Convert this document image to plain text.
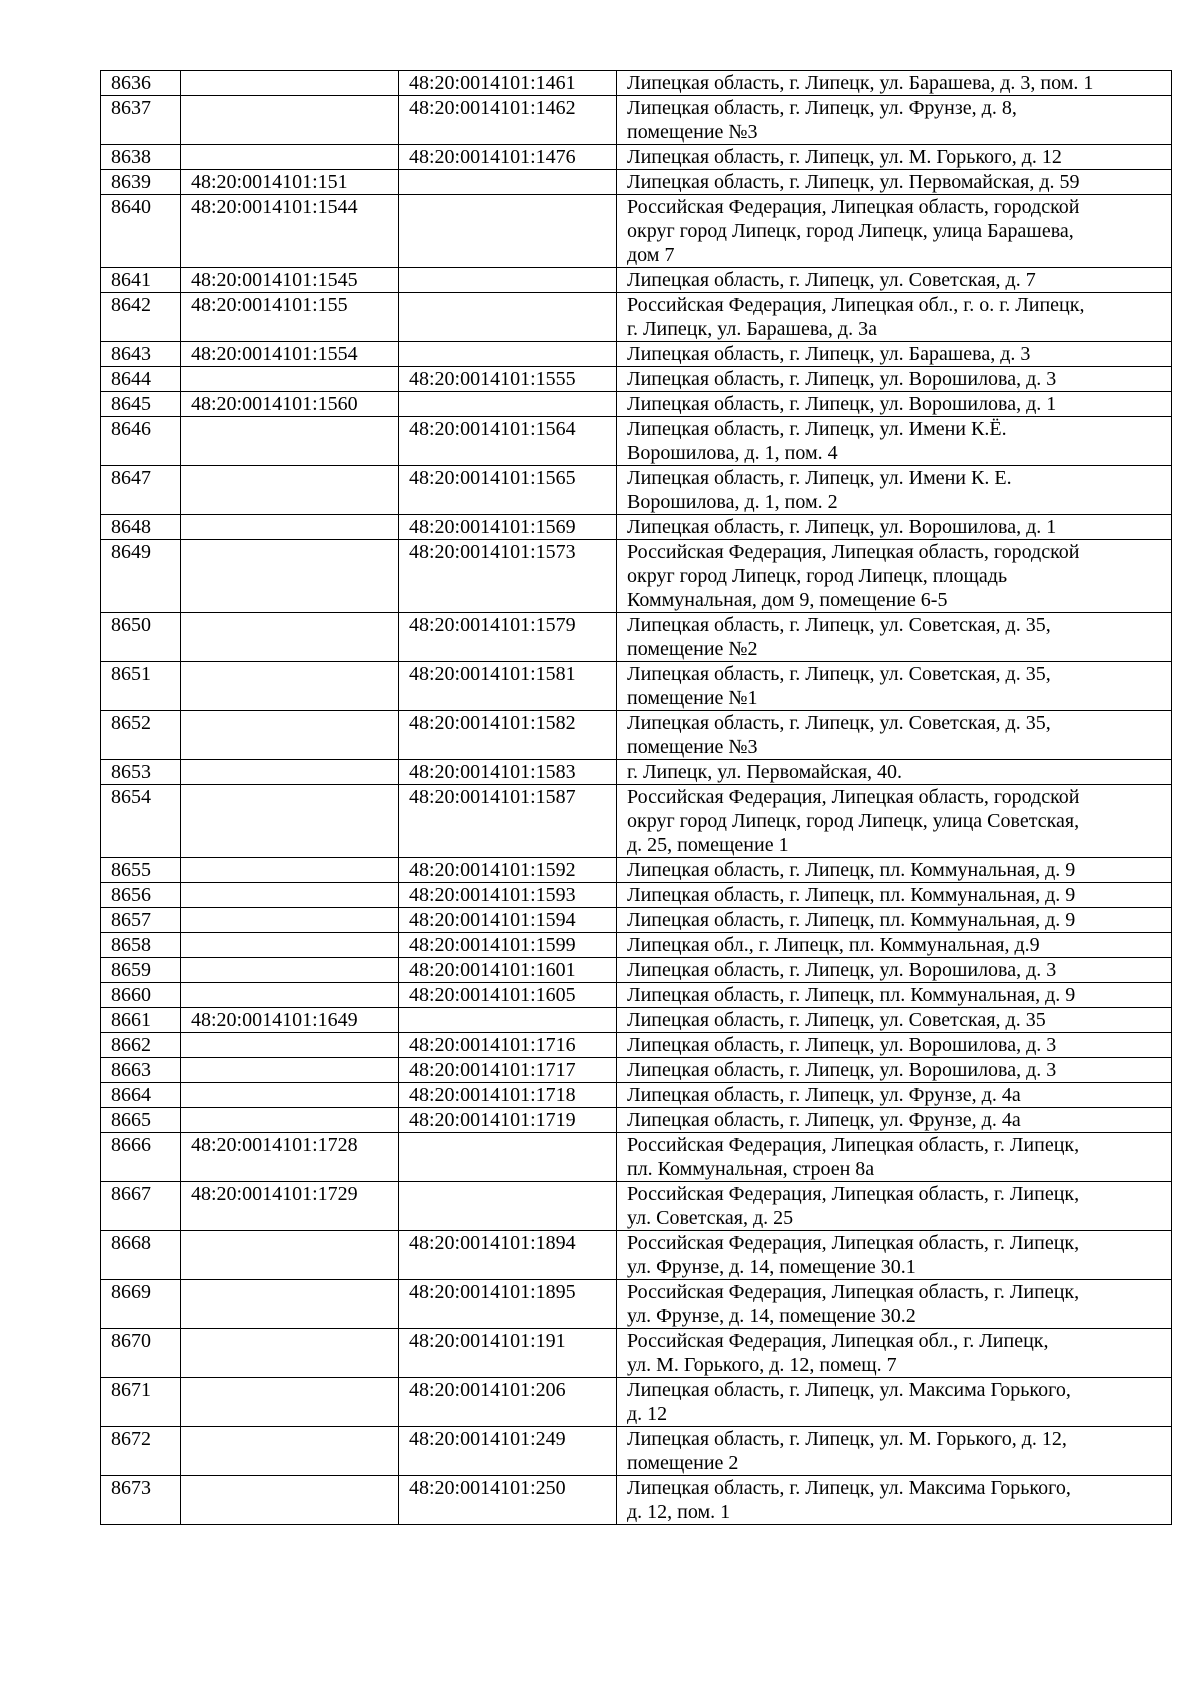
8636		48:20:0014101:1461	Липецкая область, г. Липецк, ул. Барашева, д. 3, пом. 1
8637		48:20:0014101:1462	Липецкая область, г. Липецк, ул. Фрунзе, д. 8,
помещение №3
8638		48:20:0014101:1476	Липецкая область, г. Липецк, ул. М. Горького, д. 12
8639	48:20:0014101:151		Липецкая область, г. Липецк, ул. Первомайская, д. 59
8640	48:20:0014101:1544		Российская Федерация, Липецкая область, городской
округ город Липецк, город Липецк, улица Барашева,
дом 7
8641	48:20:0014101:1545		Липецкая область, г. Липецк, ул. Советская, д. 7
8642	48:20:0014101:155		Российская Федерация, Липецкая обл., г. о. г. Липецк,
г. Липецк, ул. Барашева, д. 3а
8643	48:20:0014101:1554		Липецкая область, г. Липецк, ул. Барашева, д. 3
8644		48:20:0014101:1555	Липецкая область, г. Липецк, ул. Ворошилова, д. 3
8645	48:20:0014101:1560		Липецкая область, г. Липецк, ул. Ворошилова, д. 1
8646		48:20:0014101:1564	Липецкая область, г. Липецк, ул. Имени К.Ё.
Ворошилова, д. 1, пом. 4
8647		48:20:0014101:1565	Липецкая область, г. Липецк, ул. Имени К. Е.
Ворошилова, д. 1, пом. 2
8648		48:20:0014101:1569	Липецкая область, г. Липецк, ул. Ворошилова, д. 1
8649		48:20:0014101:1573	Российская Федерация, Липецкая область, городской
округ город Липецк, город Липецк, площадь
Коммунальная, дом 9, помещение 6-5
8650		48:20:0014101:1579	Липецкая область, г. Липецк, ул. Советская, д. 35,
помещение №2
8651		48:20:0014101:1581	Липецкая область, г. Липецк, ул. Советская, д. 35,
помещение №1
8652		48:20:0014101:1582	Липецкая область, г. Липецк, ул. Советская, д. 35,
помещение №3
8653		48:20:0014101:1583	г. Липецк, ул. Первомайская, 40.
8654		48:20:0014101:1587	Российская Федерация, Липецкая область, городской
округ город Липецк, город Липецк, улица Советская,
д. 25, помещение 1
8655		48:20:0014101:1592	Липецкая область, г. Липецк, пл. Коммунальная, д. 9
8656		48:20:0014101:1593	Липецкая область, г. Липецк, пл. Коммунальная, д. 9
8657		48:20:0014101:1594	Липецкая область, г. Липецк, пл. Коммунальная, д. 9
8658		48:20:0014101:1599	Липецкая обл., г. Липецк, пл. Коммунальная, д.9
8659		48:20:0014101:1601	Липецкая область, г. Липецк, ул. Ворошилова, д. 3
8660		48:20:0014101:1605	Липецкая область, г. Липецк, пл. Коммунальная, д. 9
8661	48:20:0014101:1649		Липецкая область, г. Липецк, ул. Советская, д. 35
8662		48:20:0014101:1716	Липецкая область, г. Липецк, ул. Ворошилова, д. 3
8663		48:20:0014101:1717	Липецкая область, г. Липецк, ул. Ворошилова, д. 3
8664		48:20:0014101:1718	Липецкая область, г. Липецк, ул. Фрунзе, д. 4а
8665		48:20:0014101:1719	Липецкая область, г. Липецк, ул. Фрунзе, д. 4а
8666	48:20:0014101:1728		Российская Федерация, Липецкая область, г. Липецк,
пл. Коммунальная, строен 8а
8667	48:20:0014101:1729		Российская Федерация, Липецкая область, г. Липецк,
ул. Советская, д. 25
8668		48:20:0014101:1894	Российская Федерация, Липецкая область, г. Липецк,
ул. Фрунзе, д. 14, помещение 30.1
8669		48:20:0014101:1895	Российская Федерация, Липецкая область, г. Липецк,
ул. Фрунзе, д. 14, помещение 30.2
8670		48:20:0014101:191	Российская Федерация, Липецкая обл., г. Липецк,
ул. М. Горького, д. 12, помещ. 7
8671		48:20:0014101:206	Липецкая область, г. Липецк, ул. Максима Горького,
д. 12
8672		48:20:0014101:249	Липецкая область, г. Липецк, ул. М. Горького, д. 12,
помещение 2
8673		48:20:0014101:250	Липецкая область, г. Липецк, ул. Максима Горького,
д. 12, пом. 1
